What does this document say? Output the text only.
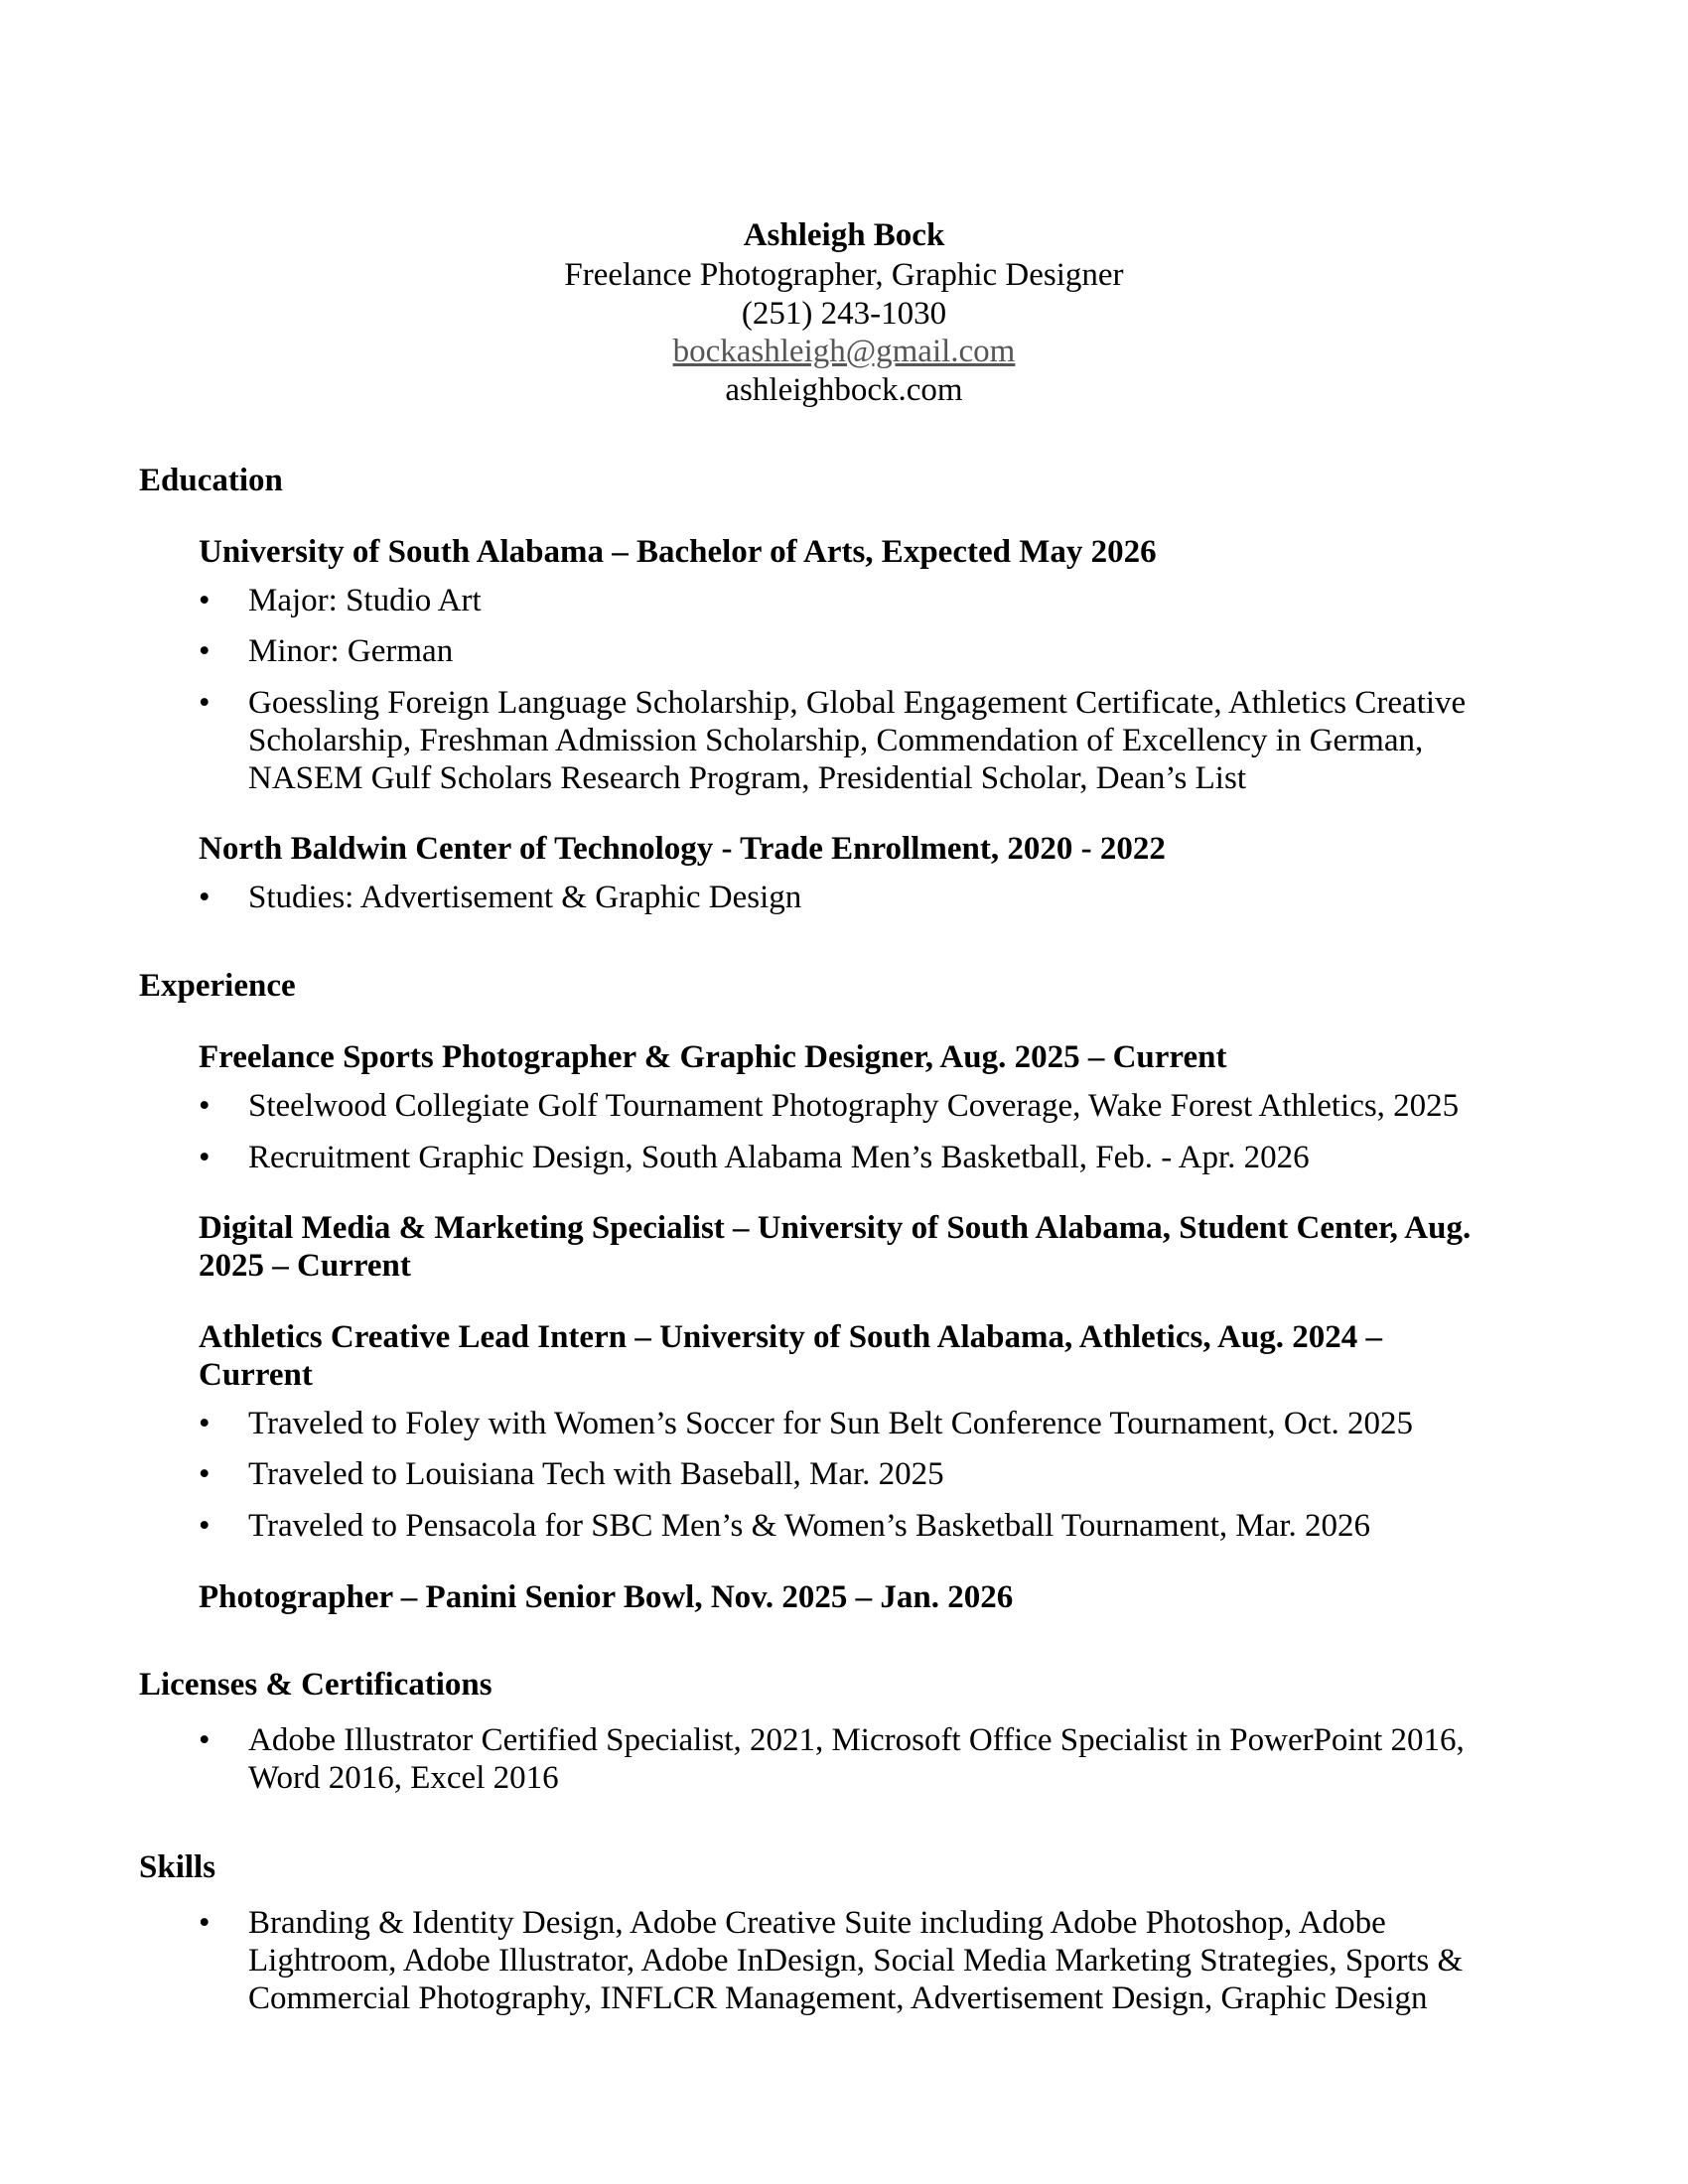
Ashleigh Bock
Freelance Photographer, Graphic Designer
(251) 243-1030
bockashleigh@gmail.com
ashleighbock.com
Education
University of South Alabama – Bachelor of Arts, Expected May 2026
•	Major: Studio Art
•	Minor: German
•	Goessling Foreign Language Scholarship, Global Engagement Certificate, Athletics Creative Scholarship, Freshman Admission Scholarship, Commendation of Excellency in German, NASEM Gulf Scholars Research Program, Presidential Scholar, Dean’s List
North Baldwin Center of Technology - Trade Enrollment, 2020 - 2022
•	Studies: Advertisement & Graphic Design
Experience
Freelance Sports Photographer & Graphic Designer, Aug. 2025 – Current
•	Steelwood Collegiate Golf Tournament Photography Coverage, Wake Forest Athletics, 2025
•	Recruitment Graphic Design, South Alabama Men’s Basketball, Feb. - Apr. 2026
Digital Media & Marketing Specialist – University of South Alabama, Student Center, Aug. 2025 – Current
Athletics Creative Lead Intern – University of South Alabama, Athletics, Aug. 2024 – Current
•	Traveled to Foley with Women’s Soccer for Sun Belt Conference Tournament, Oct. 2025
•	Traveled to Louisiana Tech with Baseball, Mar. 2025
•	Traveled to Pensacola for SBC Men’s & Women’s Basketball Tournament, Mar. 2026
Photographer – Panini Senior Bowl, Nov. 2025 – Jan. 2026
Licenses & Certifications
•	Adobe Illustrator Certified Specialist, 2021, Microsoft Office Specialist in PowerPoint 2016, Word 2016, Excel 2016
Skills
•	Branding & Identity Design, Adobe Creative Suite including Adobe Photoshop, Adobe Lightroom, Adobe Illustrator, Adobe InDesign, Social Media Marketing Strategies, Sports & Commercial Photography, INFLCR Management, Advertisement Design, Graphic Design
